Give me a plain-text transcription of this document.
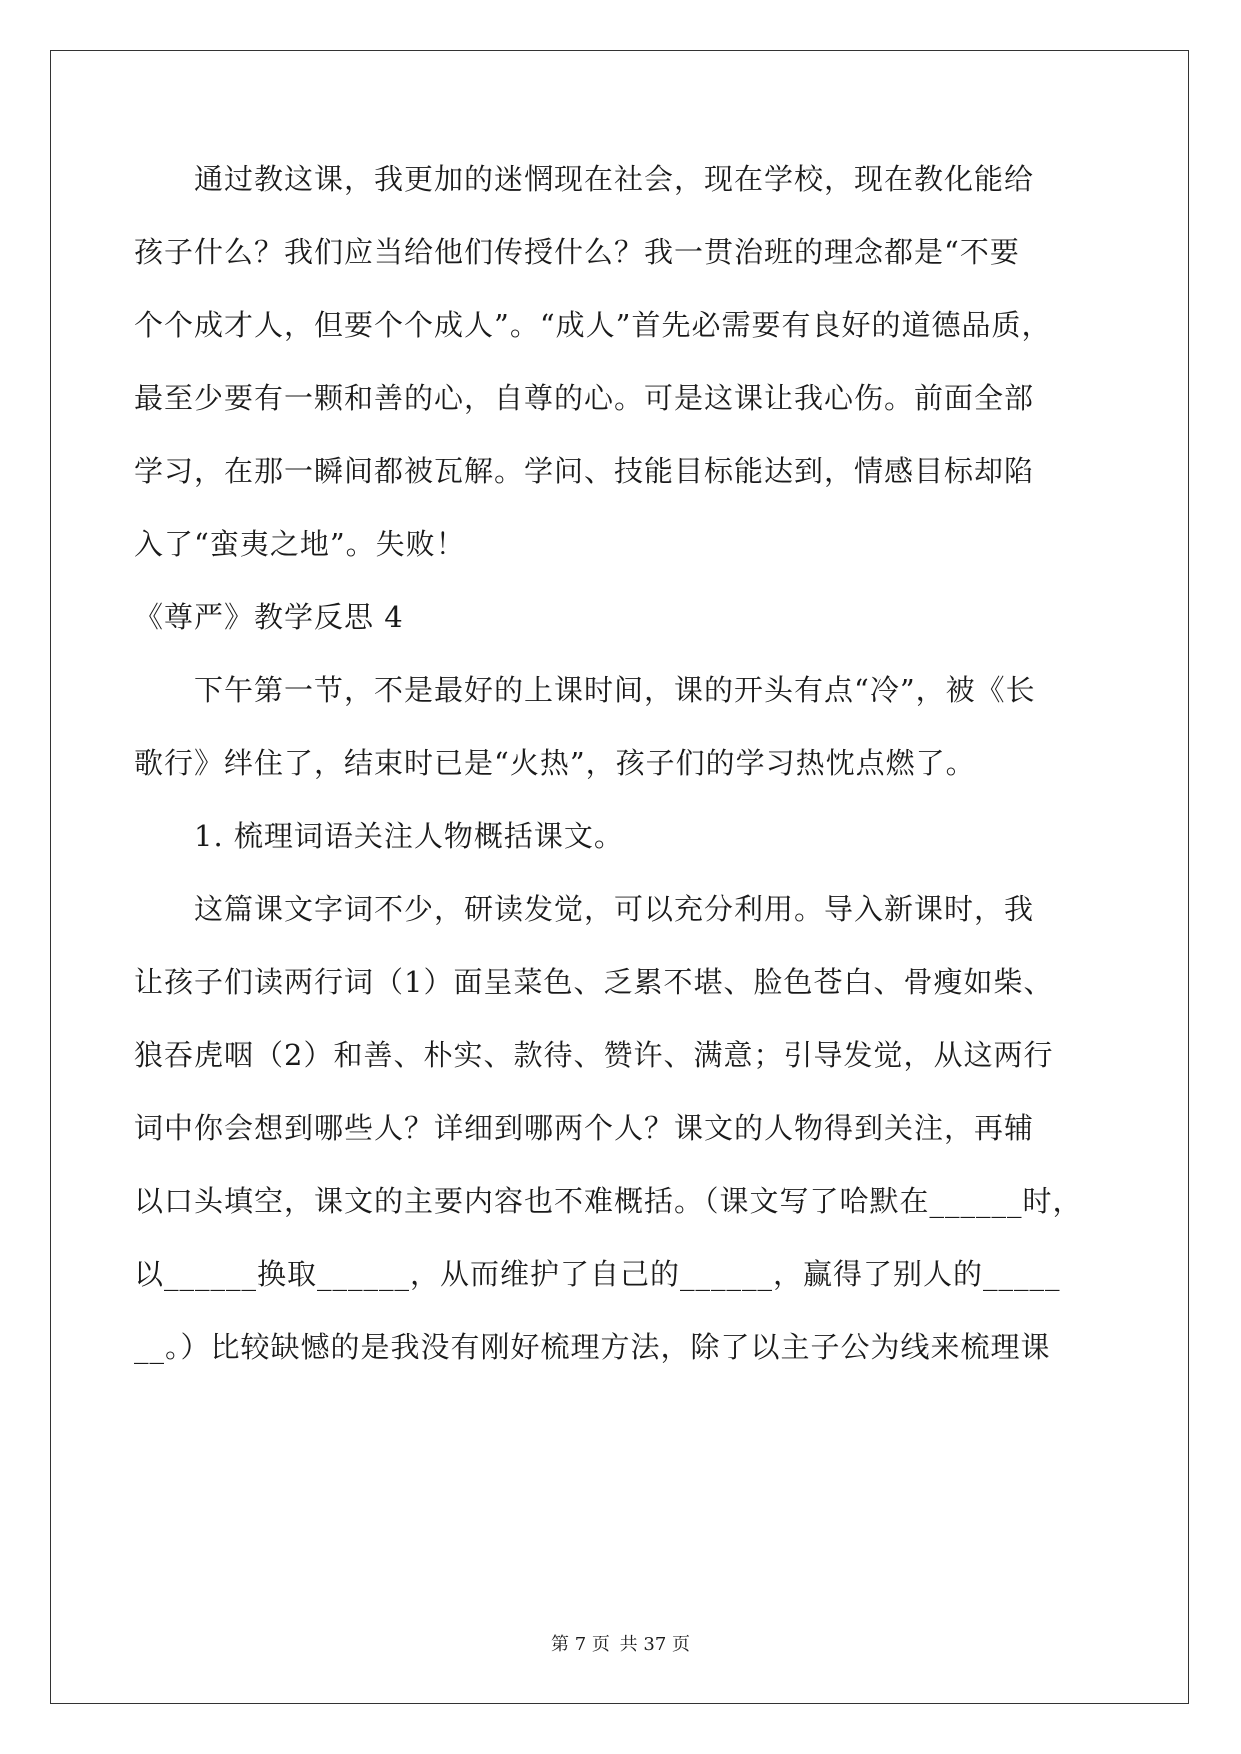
　　通过教这课，我更加的迷惘现在社会，现在学校，现在教化能给
孩子什么？我们应当给他们传授什么？我一贯治班的理念都是“不要
个个成才人，但要个个成人”。“成人”首先必需要有良好的道德品质，
最至少要有一颗和善的心，自尊的心。可是这课让我心伤。前面全部
学习，在那一瞬间都被瓦解。学问、技能目标能达到，情感目标却陷
入了“蛮夷之地”。失败！
《尊严》教学反思 4
　　下午第一节，不是最好的上课时间，课的开头有点“冷”，被《长
歌行》绊住了，结束时已是“火热”，孩子们的学习热忱点燃了。
　　1. 梳理词语关注人物概括课文。
　　这篇课文字词不少，研读发觉，可以充分利用。导入新课时，我
让孩子们读两行词（1）面呈菜色、乏累不堪、脸色苍白、骨瘦如柴、
狼吞虎咽（2）和善、朴实、款待、赞许、满意；引导发觉，从这两行
词中你会想到哪些人？详细到哪两个人？课文的人物得到关注，再辅
以口头填空，课文的主要内容也不难概括。（课文写了哈默在______时，
以______换取______，从而维护了自己的______，赢得了别人的_____
__。）比较缺憾的是我没有刚好梳理方法，除了以主子公为线来梳理课
第 7 页 共 37 页
